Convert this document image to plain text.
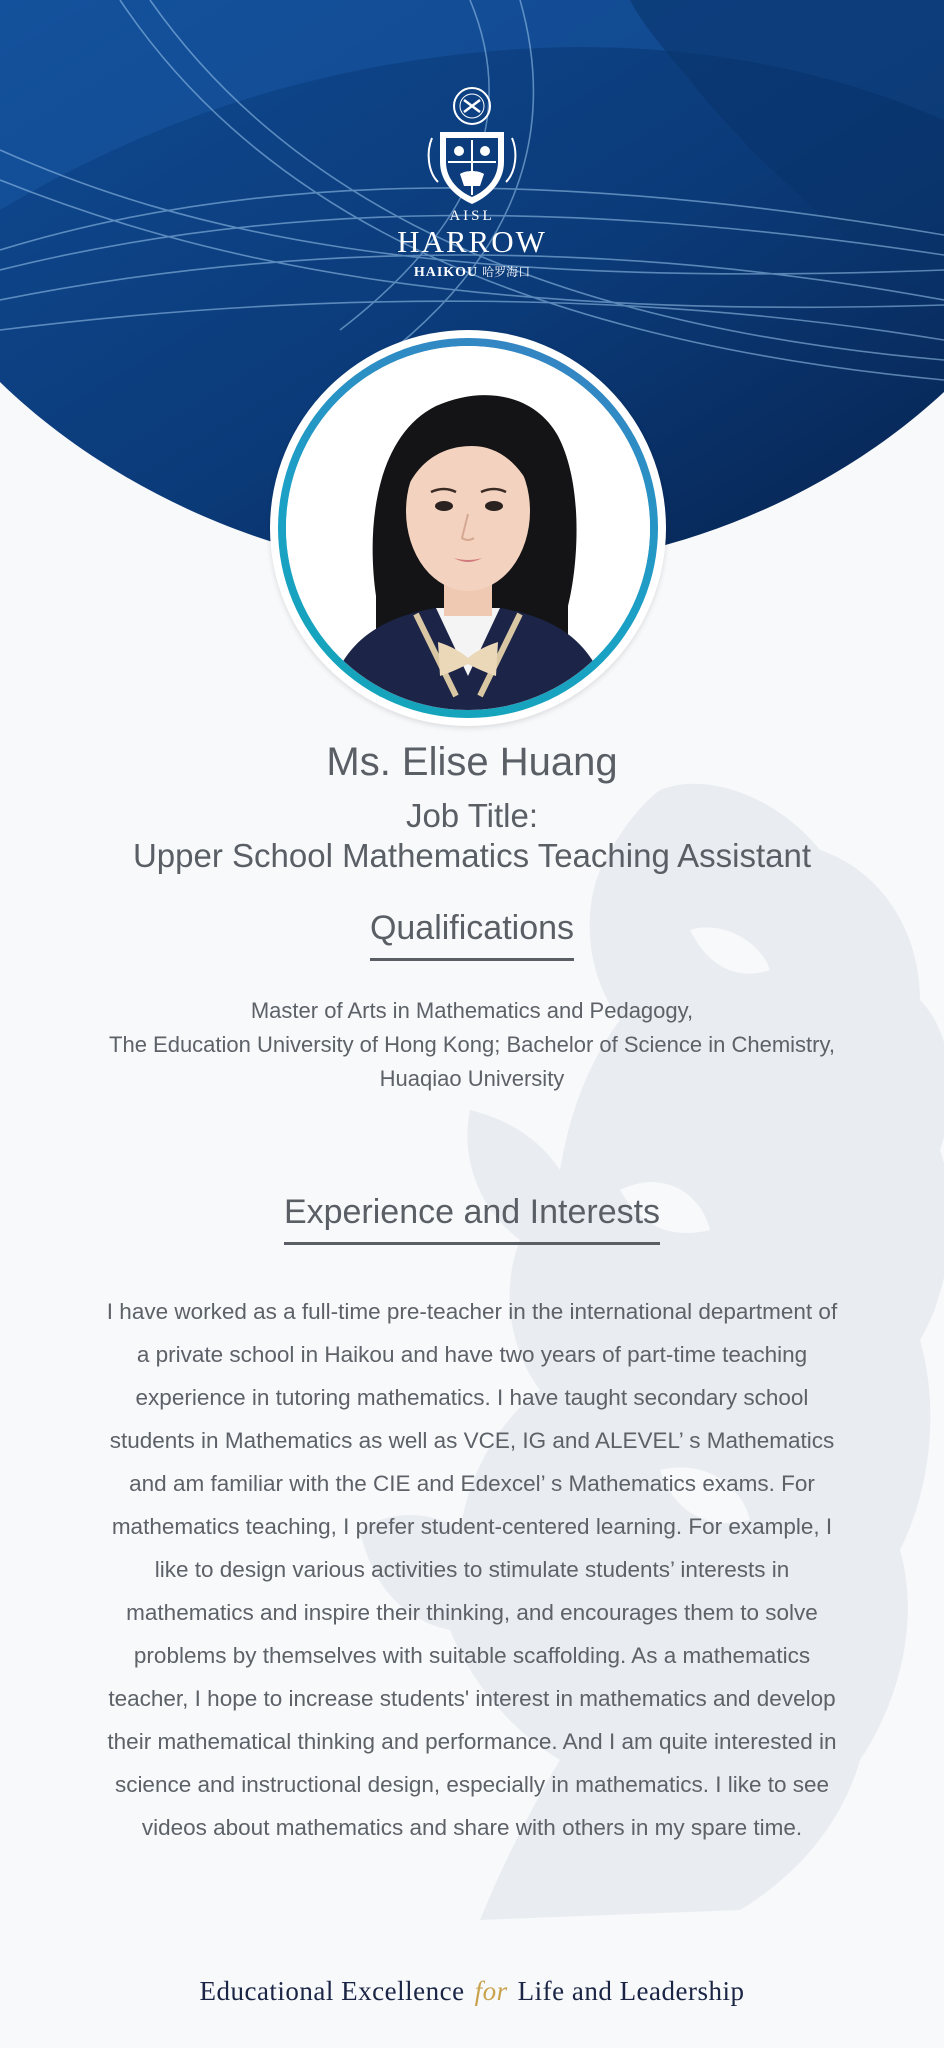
AISL
HARROW
HAIKOU 哈罗海口
Ms. Elise Huang
Job Title:
Upper School Mathematics Teaching Assistant
Qualifications
Master of Arts in Mathematics and Pedagogy,
The Education University of Hong Kong; Bachelor of Science in Chemistry,
Huaqiao University
Experience and Interests
I have worked as a full-time pre-teacher in the international department of a private school in Haikou and have two years of part-time teaching experience in tutoring mathematics. I have taught secondary school students in Mathematics as well as VCE, IG and ALEVEL’ s Mathematics and am familiar with the CIE and Edexcel’ s Mathematics exams. For mathematics teaching, I prefer student-centered learning. For example, I like to design various activities to stimulate students’ interests in mathematics and inspire their thinking, and encourages them to solve problems by themselves with suitable scaffolding. As a mathematics teacher, I hope to increase students' interest in mathematics and develop their mathematical thinking and performance. And I am quite interested in science and instructional design, especially in mathematics. I like to see videos about mathematics and share with others in my spare time.
Educational Excellence for Life and Leadership
